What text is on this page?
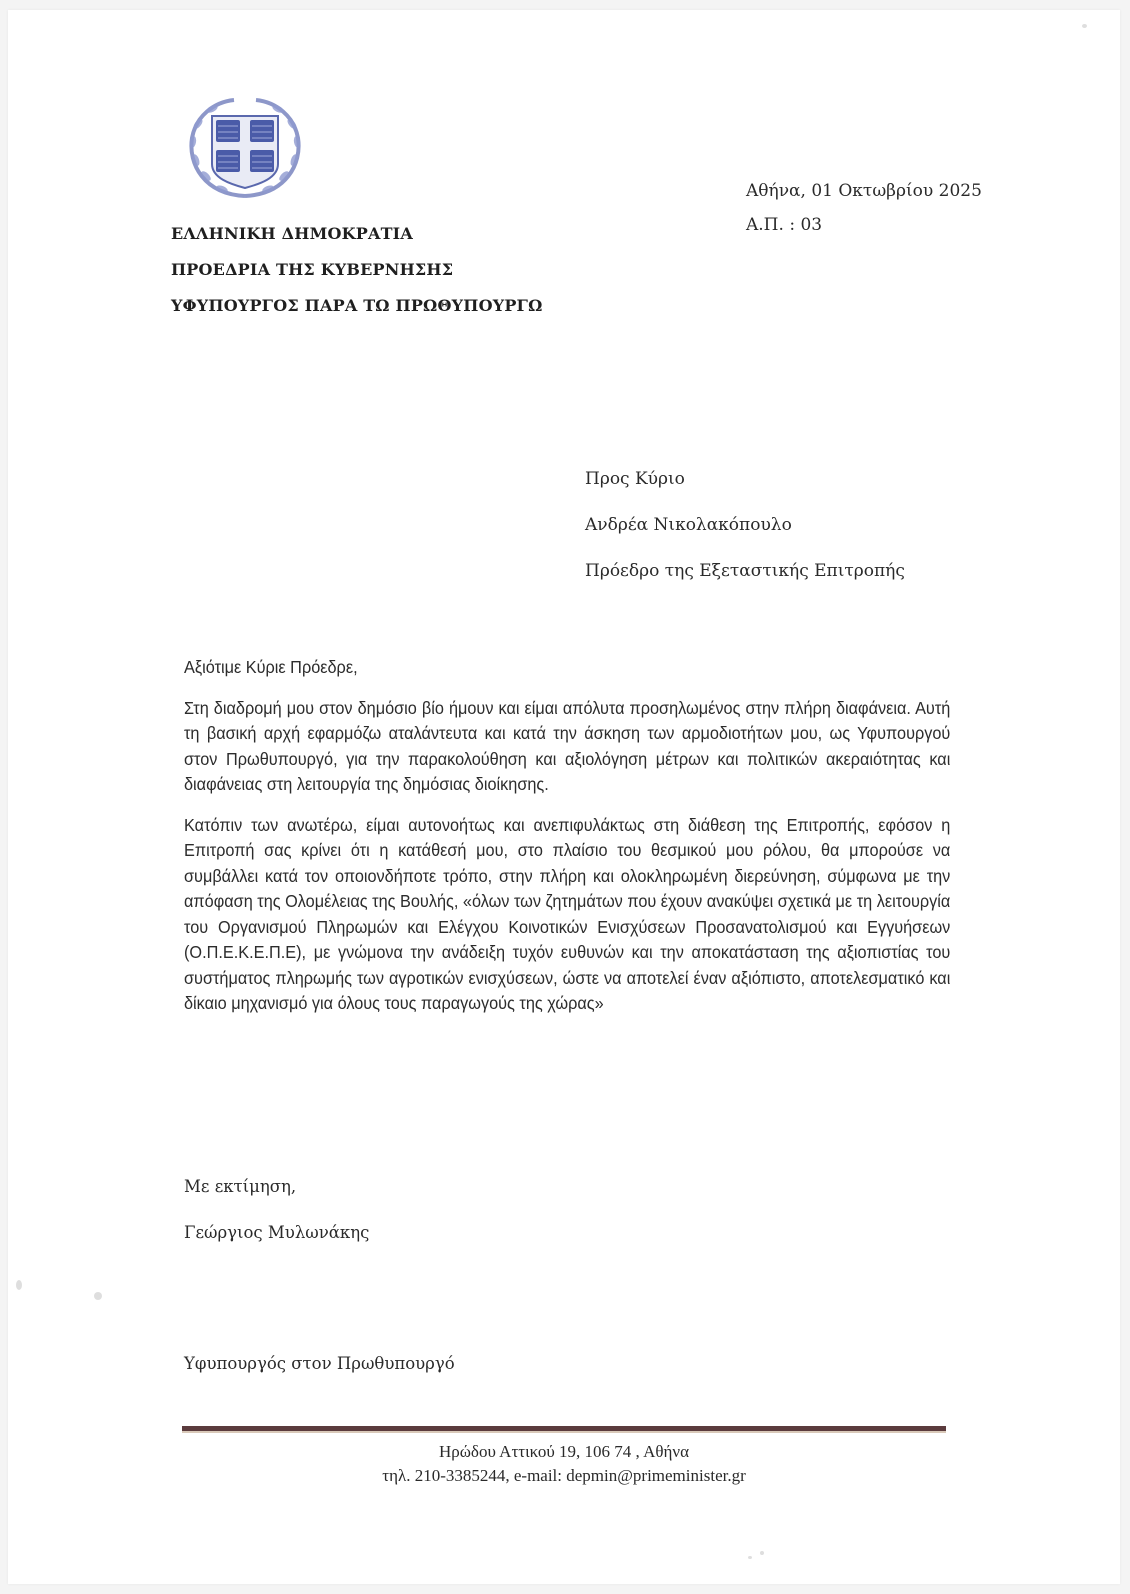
ΕΛΛΗΝΙΚΗ ΔΗΜΟΚΡΑΤΙΑ
ΠΡΟΕΔΡΙΑ ΤΗΣ ΚΥΒΕΡΝΗΣΗΣ
ΥΦΥΠΟΥΡΓΟΣ ΠΑΡΑ ΤΩ ΠΡΩΘΥΠΟΥΡΓΩ
Αθήνα, 01 Οκτωβρίου 2025
Α.Π. : 03
Προς Κύριο
Ανδρέα Νικολακόπουλο
Πρόεδρο της Εξεταστικής Επιτροπής
Αξιότιμε Κύριε Πρόεδρε,

Στη διαδρομή μου στον δημόσιο βίο ήμουν και είμαι απόλυτα προσηλωμένος στην πλήρη διαφάνεια. Αυτή τη βασική αρχή εφαρμόζω αταλάντευτα και κατά την άσκηση των αρμοδιοτήτων μου, ως Υφυπουργού στον Πρωθυπουργό, για την παρακολούθηση και αξιολόγηση μέτρων και πολιτικών ακεραιότητας και διαφάνειας στη λειτουργία της δημόσιας διοίκησης.

Κατόπιν των ανωτέρω, είμαι αυτονοήτως και ανεπιφυλάκτως στη διάθεση της Επιτροπής, εφόσον η Επιτροπή σας κρίνει ότι η κατάθεσή μου, στο πλαίσιο του θεσμικού μου ρόλου, θα μπορούσε να συμβάλλει κατά τον οποιονδήποτε τρόπο, στην πλήρη και ολοκληρωμένη διερεύνηση, σύμφωνα με την απόφαση της Ολομέλειας της Βουλής, «όλων των ζητημάτων που έχουν ανακύψει σχετικά με τη λειτουργία του Οργανισμού Πληρωμών και Ελέγχου Κοινοτικών Ενισχύσεων Προσανατολισμού και Εγγυήσεων (Ο.Π.Ε.Κ.Ε.Π.Ε), με γνώμονα την ανάδειξη τυχόν ευθυνών και την αποκατάσταση της αξιοπιστίας του συστήματος πληρωμής των αγροτικών ενισχύσεων, ώστε να αποτελεί έναν αξιόπιστο, αποτελεσματικό και δίκαιο μηχανισμό για όλους τους παραγωγούς της χώρας»

Με εκτίμηση,
Γεώργιος Μυλωνάκης
Υφυπουργός στον Πρωθυπουργό
Ηρώδου Αττικού 19, 106 74 , Αθήνα
τηλ. 210-3385244, e-mail: depmin@primeminister.gr
